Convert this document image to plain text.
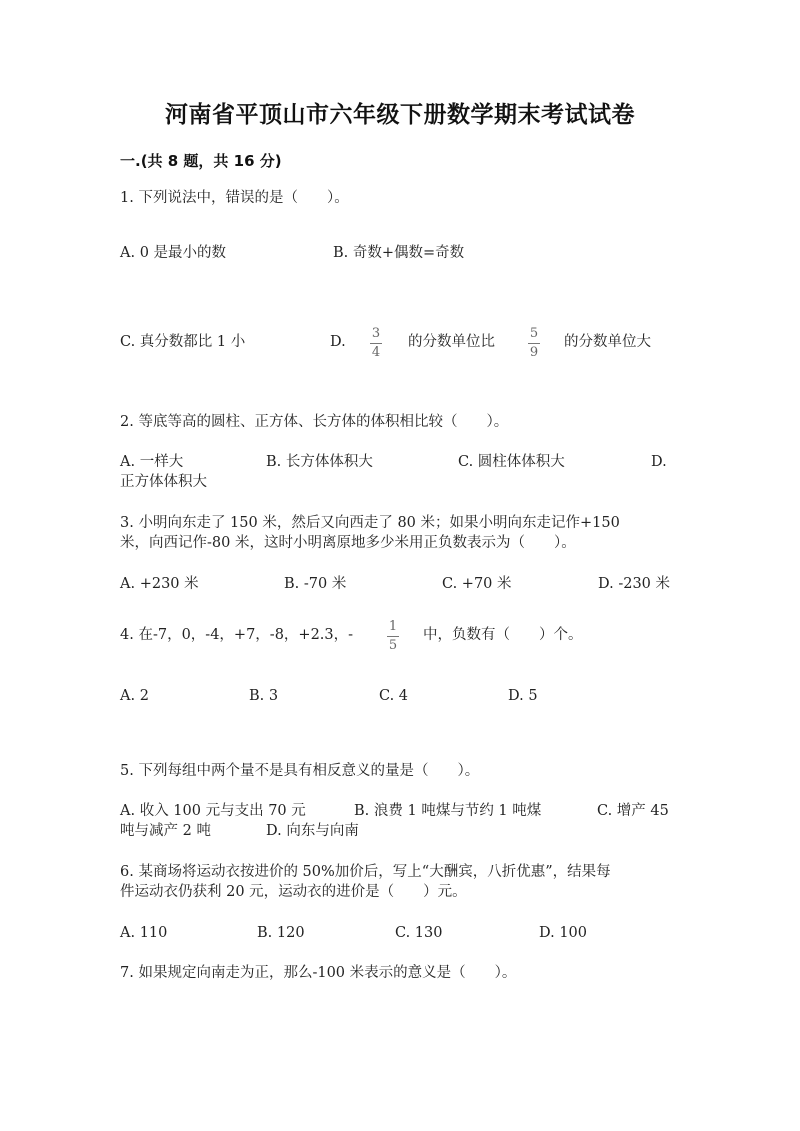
河南省平顶山市六年级下册数学期末考试试卷
一.(共 8 题，共 16 分)
1. 下列说法中，错误的是（　　）。
A. 0 是最小的数	B. 奇数+偶数=奇数
C. 真分数都比 1 小	D.
3
4
的分数单位比
5
9
的分数单位大
2. 等底等高的圆柱、正方体、长方体的体积相比较（　　）。
A. 一样大	B. 长方体体积大	C. 圆柱体体积大	D.
正方体体积大
3. 小明向东走了 150 米，然后又向西走了 80 米；如果小明向东走记作+150
米，向西记作-80 米，这时小明离原地多少米用正负数表示为（　　）。
A. +230 米	B. -70 米	C. +70 米	D. -230 米
4. 在-7，0，-4，+7，-8，+2.3，-
1
5
中，负数有（　　）个。
A. 2	B. 3	C. 4	D. 5
5. 下列每组中两个量不是具有相反意义的量是（　　）。
A. 收入 100 元与支出 70 元	B. 浪费 1 吨煤与节约 1 吨煤	C. 增产 45
吨与减产 2 吨	D. 向东与向南
6. 某商场将运动衣按进价的 50%加价后，写上“大酬宾，八折优惠”，结果每
件运动衣仍获利 20 元，运动衣的进价是（　　）元。
A. 110	B. 120	C. 130	D. 100
7. 如果规定向南走为正，那么-100 米表示的意义是（　　）。
